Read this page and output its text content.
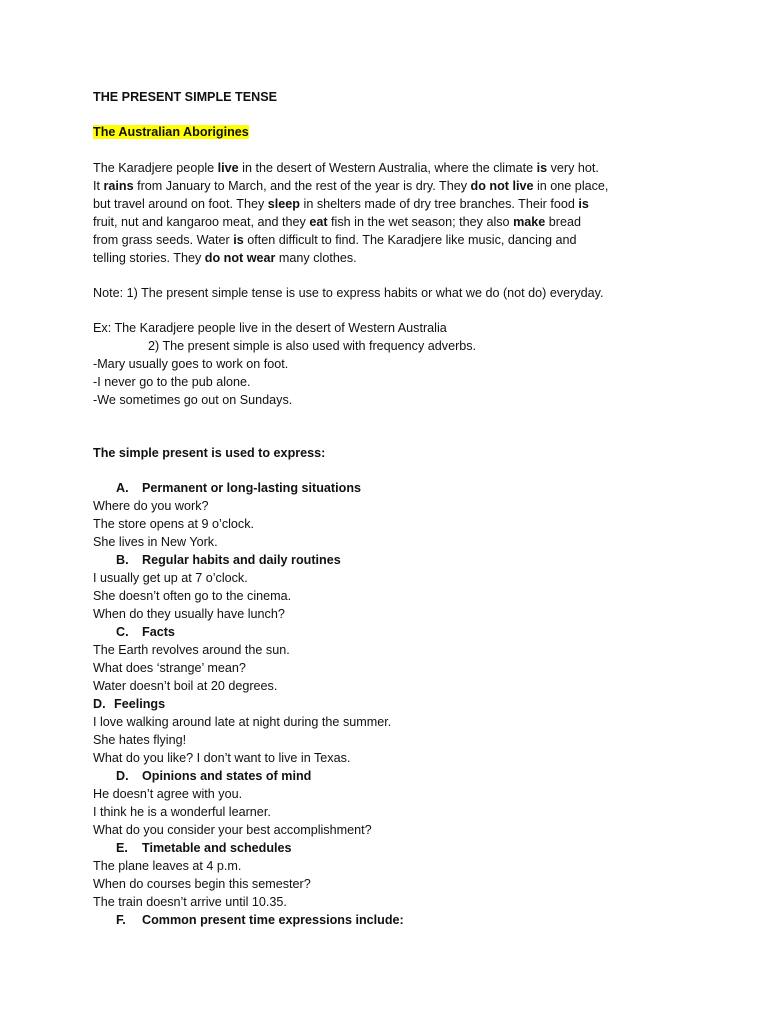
THE PRESENT SIMPLE TENSE
The Australian Aborigines
The Karadjere people live in the desert of Western Australia, where the climate is very hot.
It rains from January to March, and the rest of the year is dry. They do not live in one place,
but travel around on foot. They sleep in shelters made of dry tree branches. Their food is
fruit, nut and kangaroo meat, and they eat fish in the wet season; they also make bread
from grass seeds. Water is often difficult to find. The Karadjere like music, dancing and
telling stories. They do not wear many clothes.
Note: 1) The present simple tense is use to express habits or what we do (not do) everyday.
Ex: The Karadjere people live in the desert of Western Australia
2) The present simple is also used with frequency adverbs.
-Mary usually goes to work on foot.
-I never go to the pub alone.
-We sometimes go out on Sundays.
The simple present is used to express:
A. Permanent or long-lasting situations
Where do you work?
The store opens at 9 o’clock.
She lives in New York.
B. Regular habits and daily routines
I usually get up at 7 o’clock.
She doesn’t often go to the cinema.
When do they usually have lunch?
C. Facts
The Earth revolves around the sun.
What does ‘strange’ mean?
Water doesn’t boil at 20 degrees.
D. Feelings
I love walking around late at night during the summer.
She hates flying!
What do you like? I don’t want to live in Texas.
D. Opinions and states of mind
He doesn’t agree with you.
I think he is a wonderful learner.
What do you consider your best accomplishment?
E. Timetable and schedules
The plane leaves at 4 p.m.
When do courses begin this semester?
The train doesn’t arrive until 10.35.
F. Common present time expressions include:
